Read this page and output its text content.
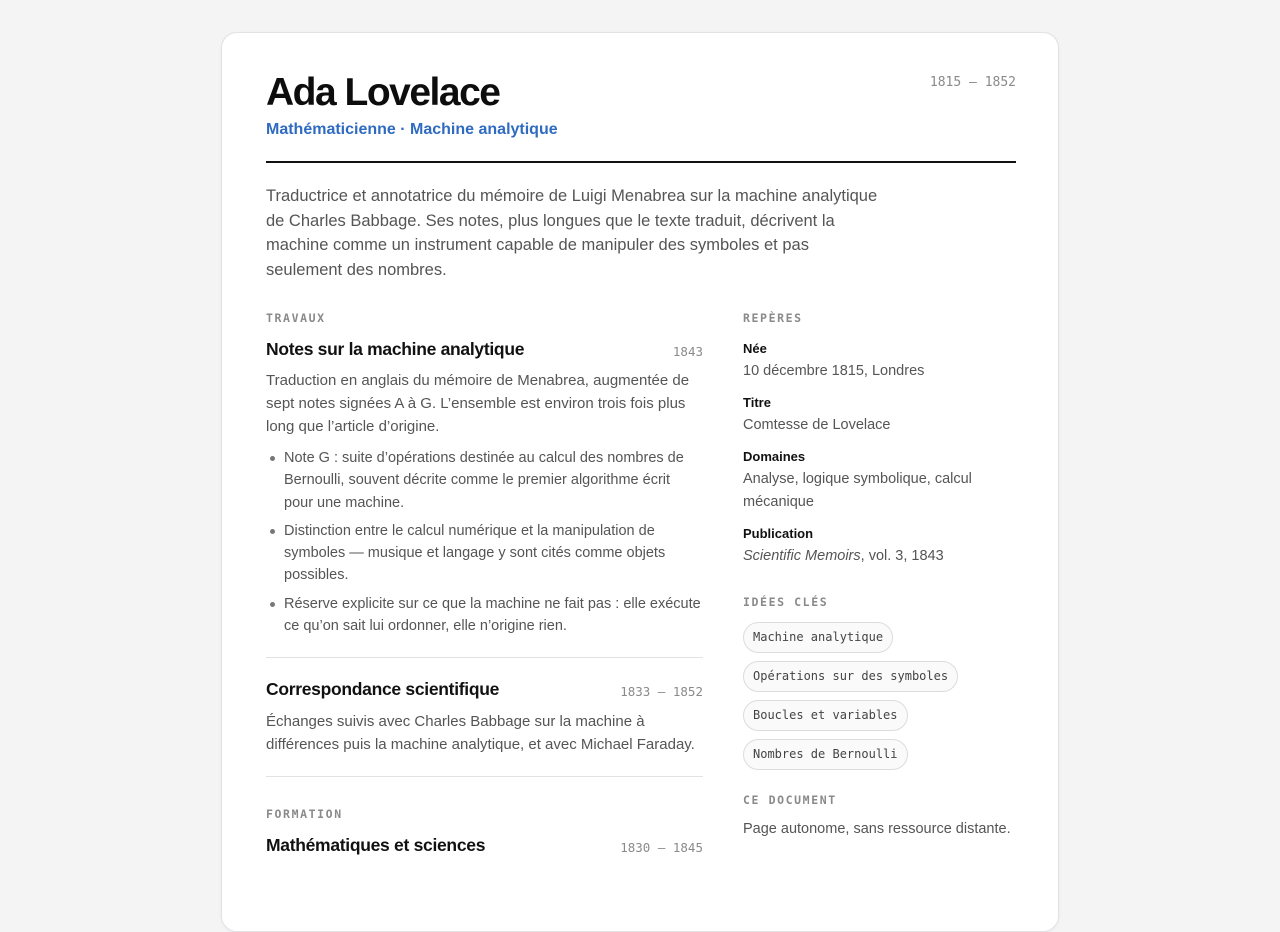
Ada Lovelace
Mathématicienne · Machine analytique
1815 — 1852

Traductrice et annotatrice du mémoire de Luigi Menabrea sur la machine analytique de Charles Babbage. Ses notes, plus longues que le texte traduit, décrivent la machine comme un instrument capable de manipuler des symboles et pas seulement des nombres.

TRAVAUX
Notes sur la machine analytique	1843

Traduction en anglais du mémoire de Menabrea, augmentée de sept notes signées A à G. L’ensemble est environ trois fois plus long que l’article d’origine.

Note G : suite d’opérations destinée au calcul des nombres de Bernoulli, souvent décrite comme le premier algorithme écrit pour une machine.
Distinction entre le calcul numérique et la manipulation de symboles — musique et langage y sont cités comme objets possibles.
Réserve explicite sur ce que la machine ne fait pas : elle exécute ce qu’on sait lui ordonner, elle n’origine rien.
Correspondance scientifique	1833 — 1852

Échanges suivis avec Charles Babbage sur la machine à différences puis la machine analytique, et avec Michael Faraday.

FORMATION
Mathématiques et sciences	1830 — 1845
REPÈRES
Née
10 décembre 1815, Londres
Titre
Comtesse de Lovelace
Domaines
Analyse, logique symbolique, calcul mécanique
Publication
Scientific Memoirs, vol. 3, 1843
IDÉES CLÉS
Machine analytique
Opérations sur des symboles
Boucles et variables
Nombres de Bernoulli
CE DOCUMENT

Page autonome, sans ressource distante.
